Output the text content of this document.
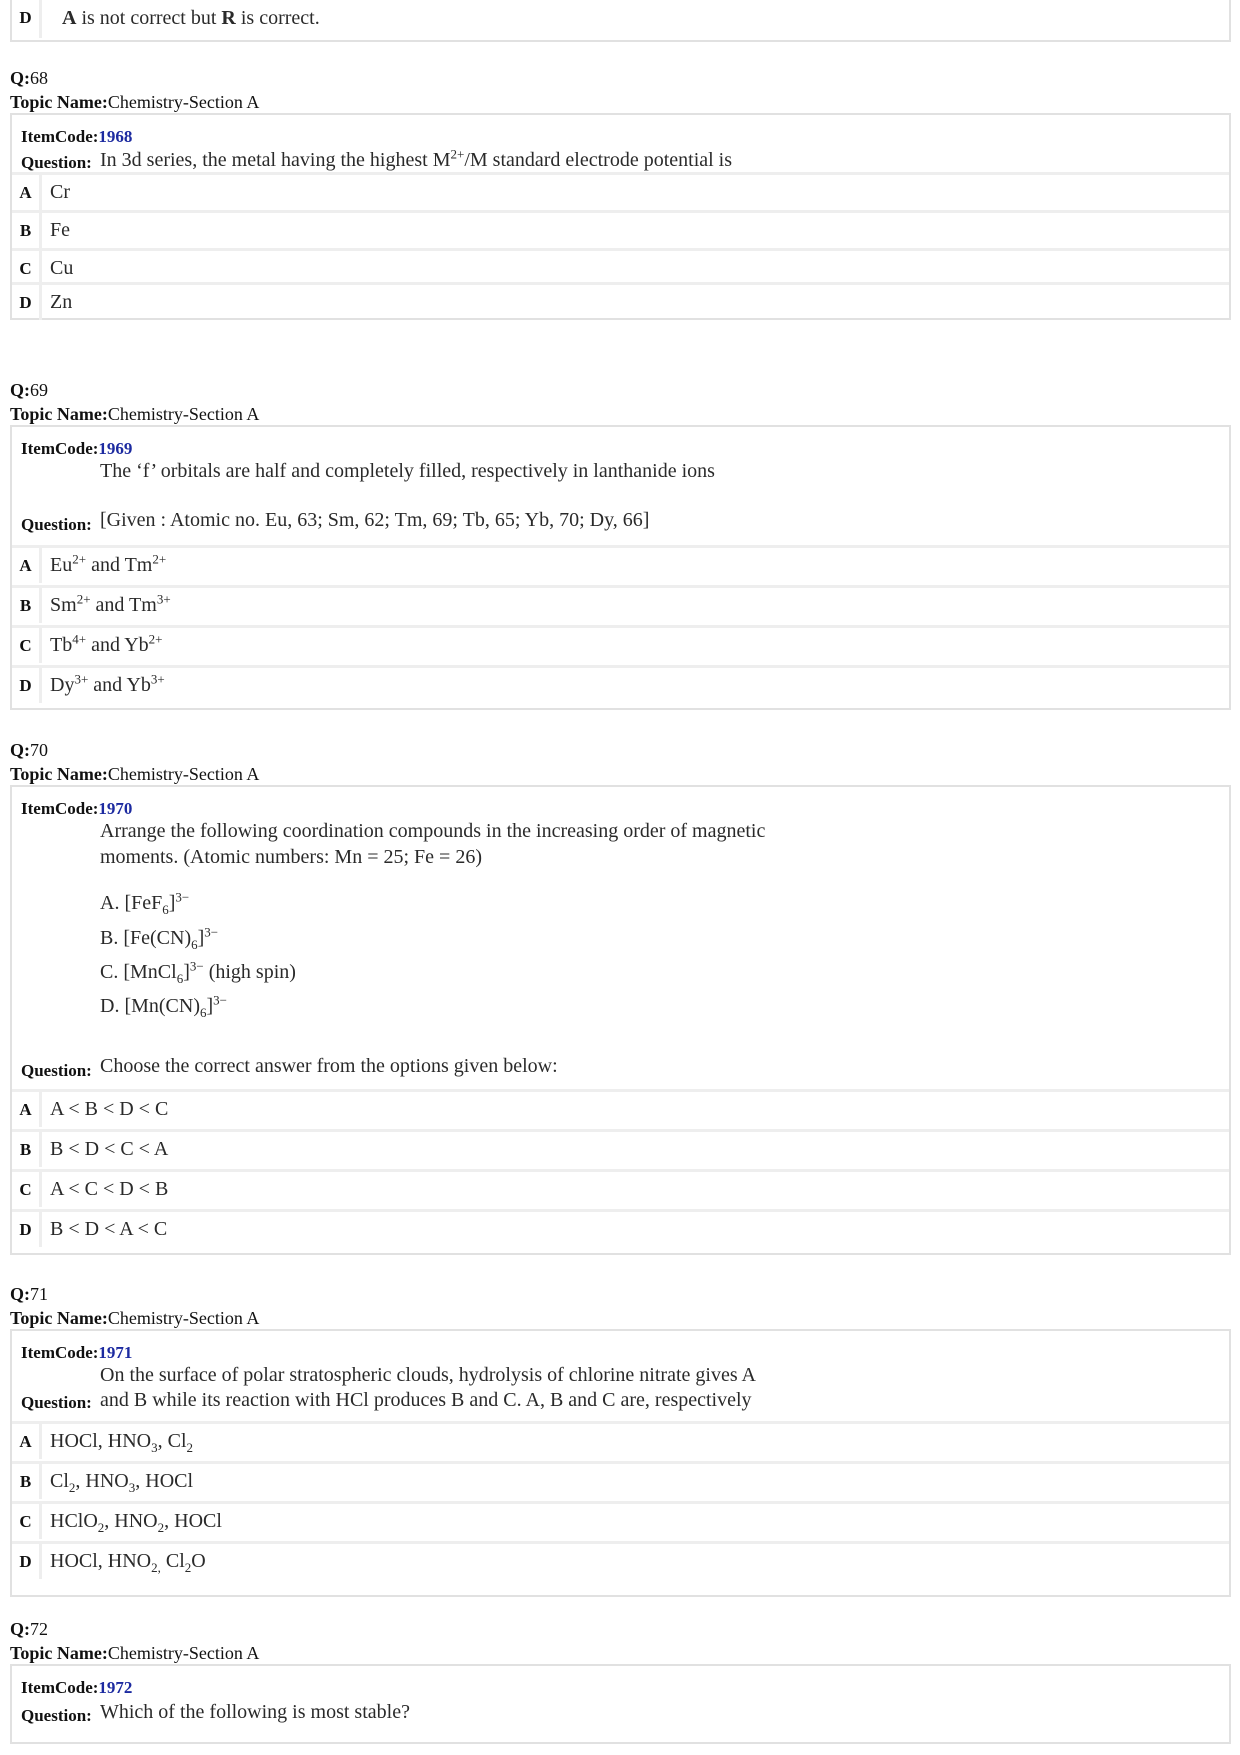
D	A is not correct but R is correct.
Q:68
Topic Name:Chemistry-Section A
ItemCode:1968
Question: In 3d series, the metal having the highest $M^{2+}/M$ standard electrode potential is
A Cr
B Fe
C Cu
D Zn
Q:69
Topic Name:Chemistry-Section A
ItemCode:1969
The ‘f’ orbitals are half and completely filled, respectively in lanthanide ions
Question: [Given : Atomic no. Eu, 63; Sm, 62; Tm, 69; Tb, 65; Yb, 70; Dy, 66]
A $Eu^{2+}$ and $Tm^{2+}$
B $Sm^{2+}$ and $Tm^{3+}$
C $Tb^{4+}$ and $Yb^{2+}$
D $Dy^{3+}$ and $Yb^{3+}$
Q:70
Topic Name:Chemistry-Section A
ItemCode:1970
Arrange the following coordination compounds in the increasing order of magnetic
moments. (Atomic numbers: Mn = 25; Fe = 26)
A. $[FeF_6]^{3-}$
B. $[Fe(CN)_6]^{3-}$
C. [MnCl$_6$]$^{3-}$ (high spin)
D. $[Mn(CN)_6]^{3-}$
Question: Choose the correct answer from the options given below:
A A < B < D < C
B B < D < C < A
C A < C < D < B
D B < D < A < C
Q:71
Topic Name:Chemistry-Section A
ItemCode:1971
On the surface of polar stratospheric clouds, hydrolysis of chlorine nitrate gives A
Question: and B while its reaction with HCl produces B and C. A, B and C are, respectively
A HOCl, $HNO_3$, $Cl_2$
B $Cl_2$, $HNO_3$, HOCl
C HClO$_2$, $HNO_2$, HOCl
D HOCl, $HNO_{2,}$ $Cl_2O$
Q:72
Topic Name:Chemistry-Section A
ItemCode:1972
Question: Which of the following is most stable?
